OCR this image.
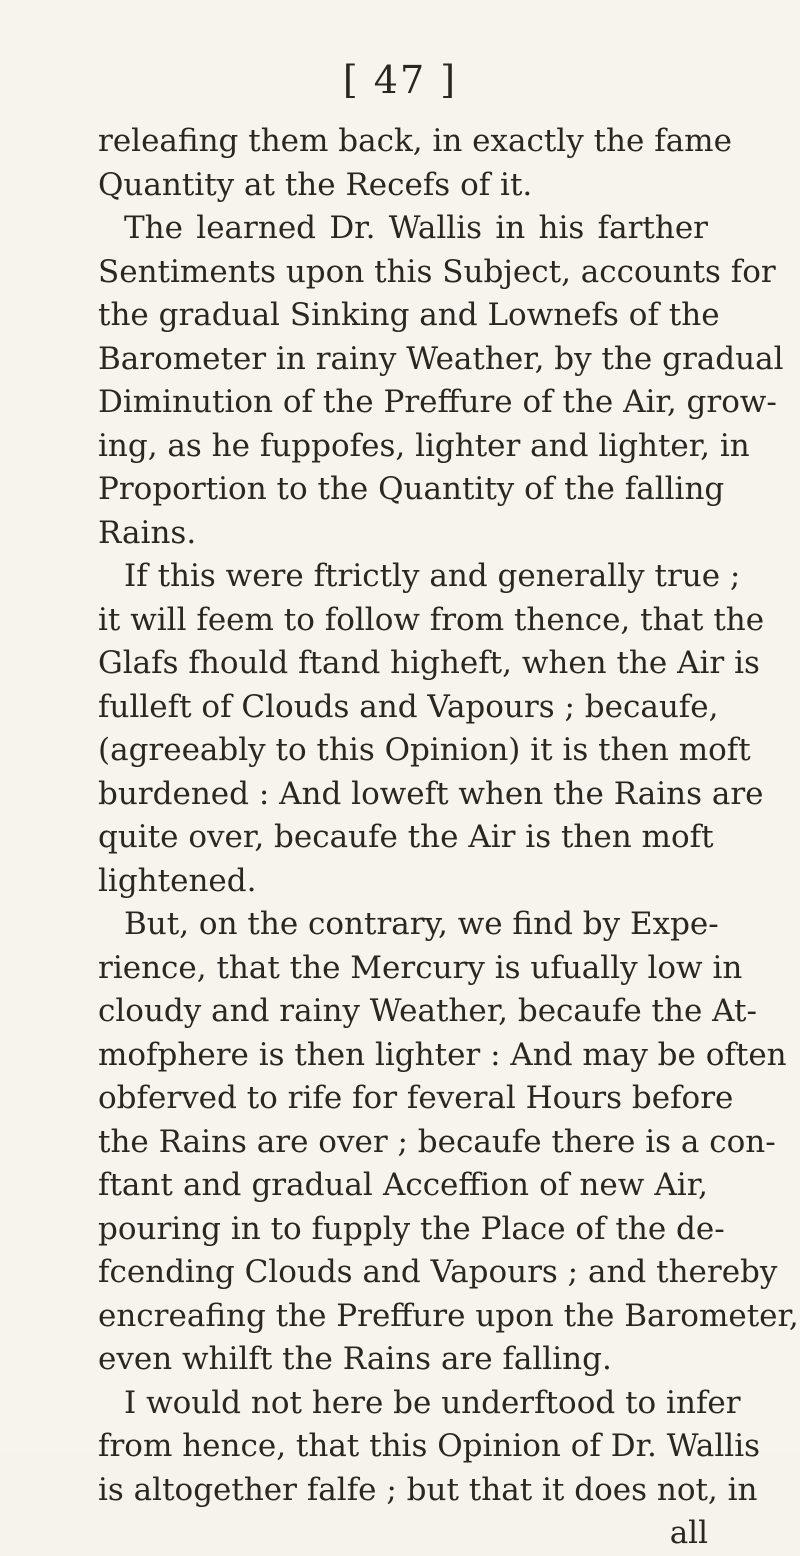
[ 47 ]
releafing them back, in exactly the fame
Quantity at the Recefs of it.
The learned Dr. Wallis in his farther
Sentiments upon this Subject, accounts for
the gradual Sinking and Lownefs of the
Barometer in rainy Weather, by the gradual
Diminution of the Preffure of the Air, grow-
ing, as he fuppofes, lighter and lighter, in
Proportion to the Quantity of the falling
Rains.
If this were ftrictly and generally true ;
it will feem to follow from thence, that the
Glafs fhould ftand higheft, when the Air is
fulleft of Clouds and Vapours ; becaufe,
(agreeably to this Opinion) it is then moft
burdened : And loweft when the Rains are
quite over, becaufe the Air is then moft
lightened.
But, on the contrary, we find by Expe-
rience, that the Mercury is ufually low in
cloudy and rainy Weather, becaufe the At-
mofphere is then lighter : And may be often
obferved to rife for feveral Hours before
the Rains are over ; becaufe there is a con-
ftant and gradual Acceffion of new Air,
pouring in to fupply the Place of the de-
fcending Clouds and Vapours ; and thereby
encreafing the Preffure upon the Barometer,
even whilft the Rains are falling.
I would not here be underftood to infer
from hence, that this Opinion of Dr. Wallis
is altogether falfe ; but that it does not, in
all
